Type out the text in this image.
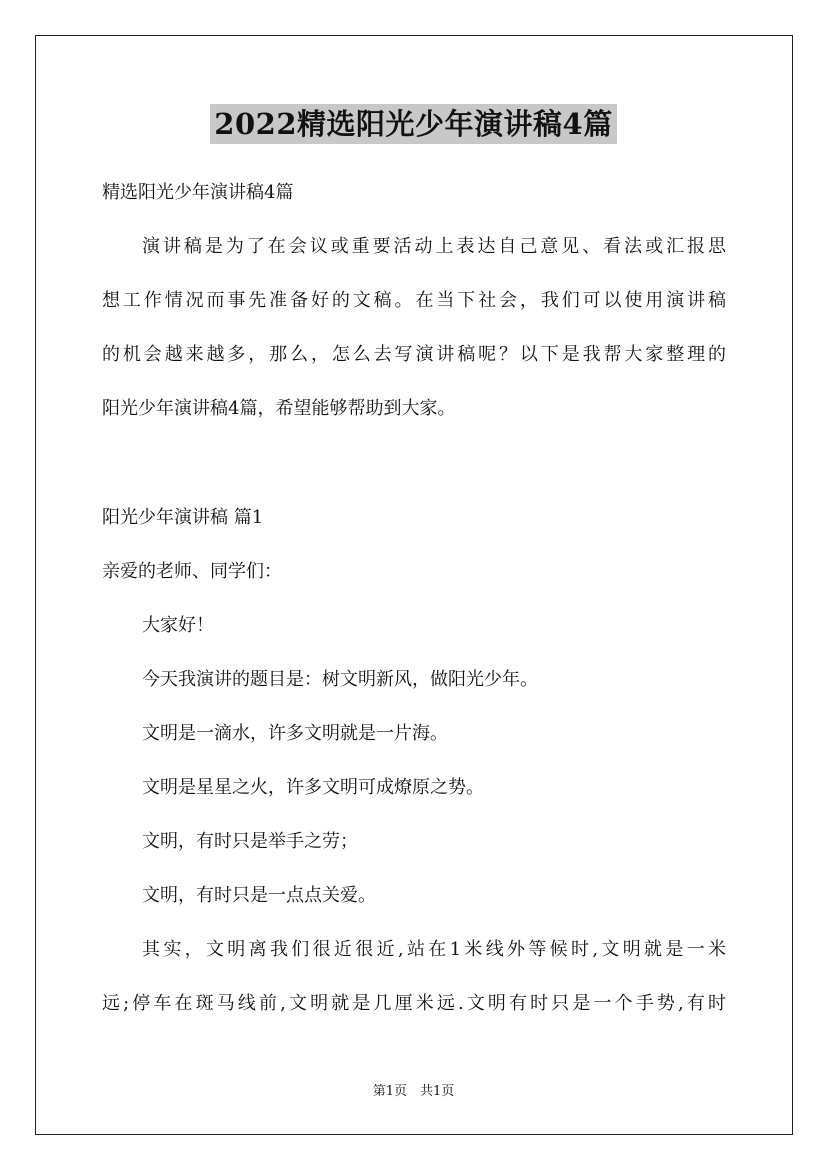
2022精选阳光少年演讲稿4篇
精选阳光少年演讲稿4篇
演讲稿是为了在会议或重要活动上表达自己意见、看法或汇报思
想工作情况而事先准备好的文稿。在当下社会，我们可以使用演讲稿
的机会越来越多，那么，怎么去写演讲稿呢？以下是我帮大家整理的
阳光少年演讲稿4篇，希望能够帮助到大家。
阳光少年演讲稿 篇1
亲爱的老师、同学们：
大家好！
今天我演讲的题目是：树文明新风，做阳光少年。
文明是一滴水，许多文明就是一片海。
文明是星星之火，许多文明可成燎原之势。
文明，有时只是举手之劳；
文明，有时只是一点点关爱。
其实，文明离我们很近很近,站在1米线外等候时,文明就是一米
远;停车在斑马线前,文明就是几厘米远.文明有时只是一个手势,有时
第1页　共1页
